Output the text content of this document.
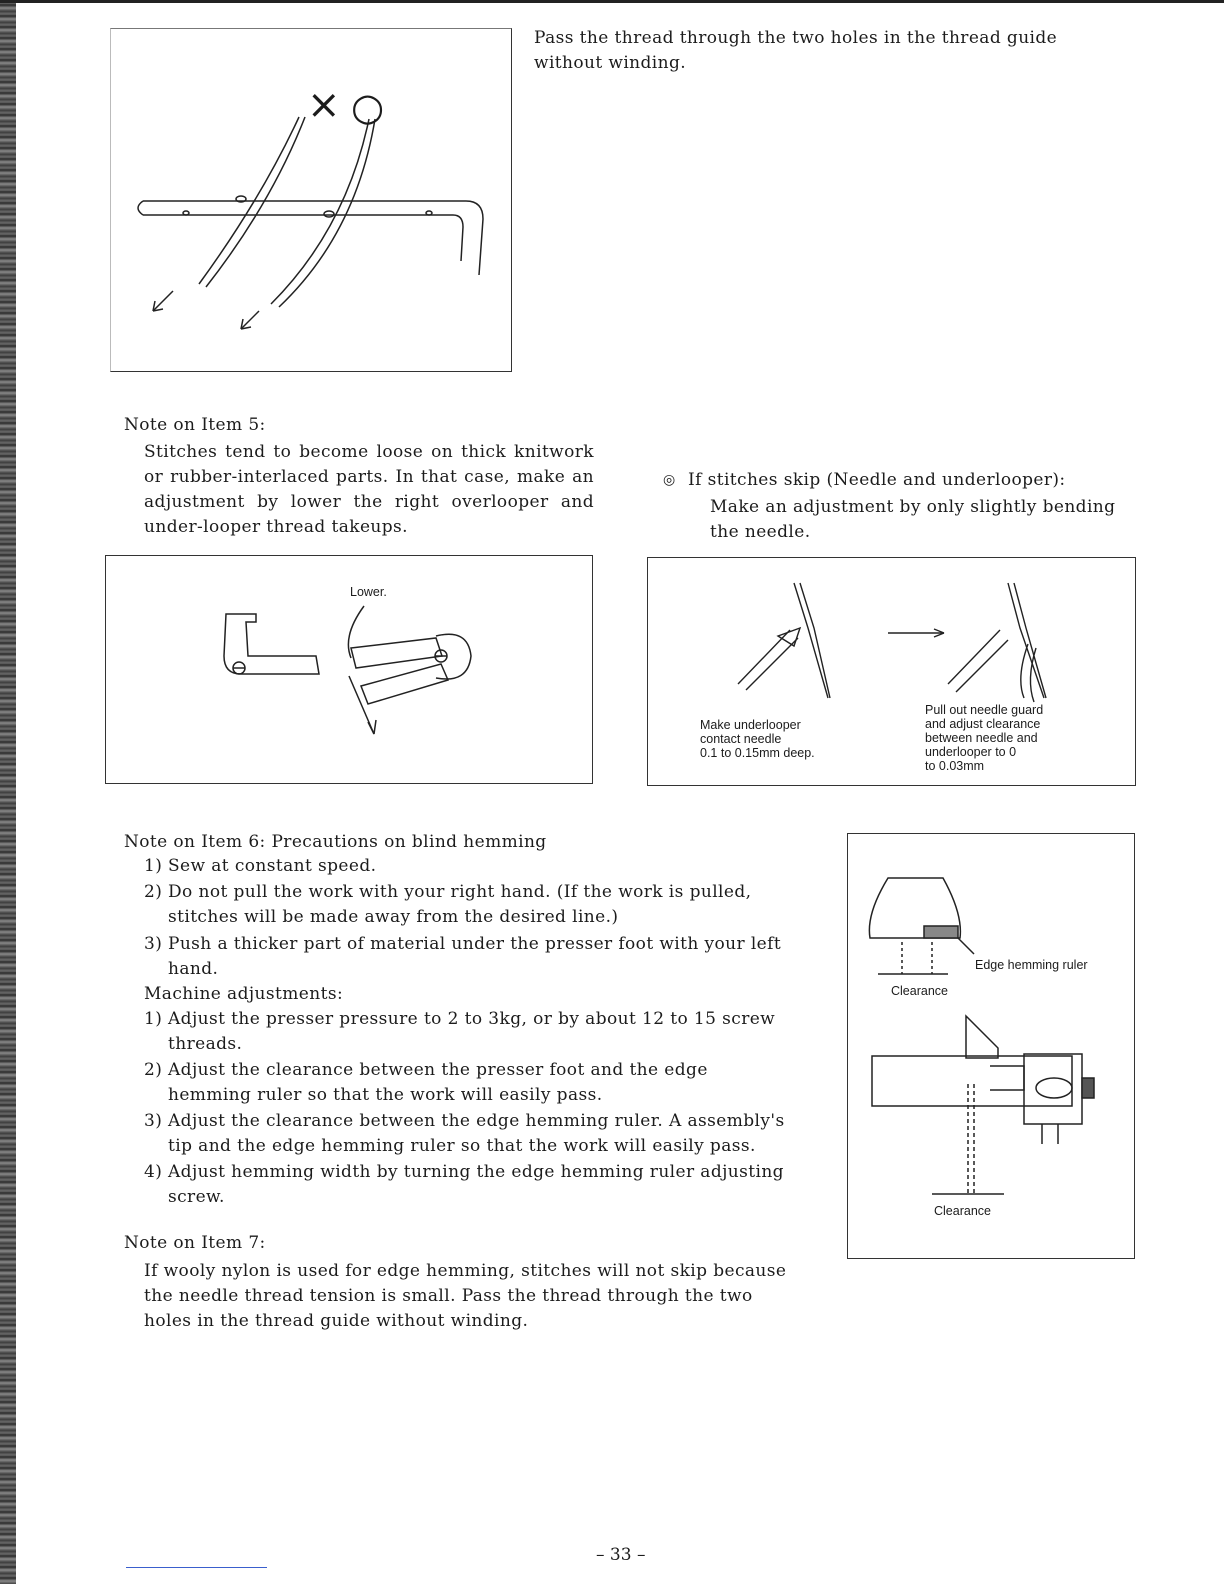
× ○
Pass the thread through the two holes in the thread guide without winding.
Note on Item 5:
Stitches tend to become loose on thick knitwork or rubber-interlaced parts. In that case, make an adjustment by lower the right overlooper and under-looper thread takeups.
Lower.
◎ If stitches skip (Needle and underlooper):
Make an adjustment by only slightly bending the needle.
Make underlooper
contact needle
0.1 to 0.15mm deep.
Pull out needle guard
and adjust clearance
between needle and
underlooper to 0
to 0.03mm
Note on Item 6: Precautions on blind hemming
1) Sew at constant speed.
2) Do not pull the work with your right hand. (If the work is pulled, stitches will be made away from the desired line.)
3) Push a thicker part of material under the presser foot with your left hand.
Machine adjustments:
1) Adjust the presser pressure to 2 to 3kg, or by about 12 to 15 screw threads.
2) Adjust the clearance between the presser foot and the edge hemming ruler so that the work will easily pass.
3) Adjust the clearance between the edge hemming ruler. A assembly's tip and the edge hemming ruler so that the work will easily pass.
4) Adjust hemming width by turning the edge hemming ruler adjusting screw.
Edge hemming ruler
Clearance
Clearance
Note on Item 7:
If wooly nylon is used for edge hemming, stitches will not skip because the needle thread tension is small. Pass the thread through the two holes in the thread guide without winding.
– 33 –
